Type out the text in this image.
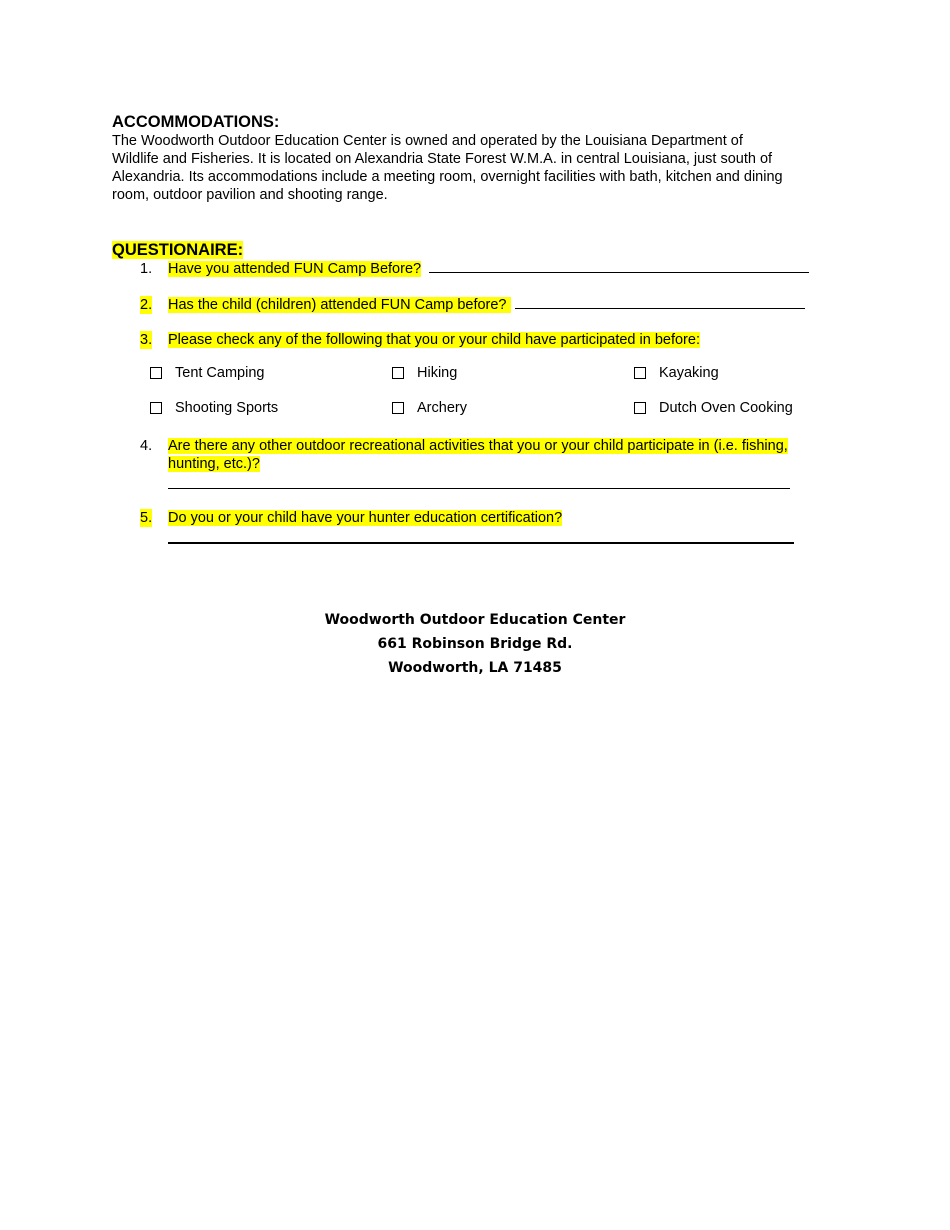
ACCOMMODATIONS:

The Woodworth Outdoor Education Center is owned and operated by the Louisiana Department of

Wildlife and Fisheries. It is located on Alexandria State Forest W.M.A. in central Louisiana, just south of

Alexandria. Its accommodations include a meeting room, overnight facilities with bath, kitchen and dining

room, outdoor pavilion and shooting range.

QUESTIONAIRE:

1. Have you attended FUN Camp Before?
2. Has the child (children) attended FUN Camp before?
3. Please check any of the following that you or your child have participated in before:
Tent Camping	Hiking	Kayaking
Shooting Sports	Archery	Dutch Oven Cooking
4. Are there any other outdoor recreational activities that you or your child participate in (i.e. fishing,
hunting, etc.)?
5. Do you or your child have your hunter education certification?
Woodworth Outdoor Education Center
661 Robinson Bridge Rd.
Woodworth, LA 71485
